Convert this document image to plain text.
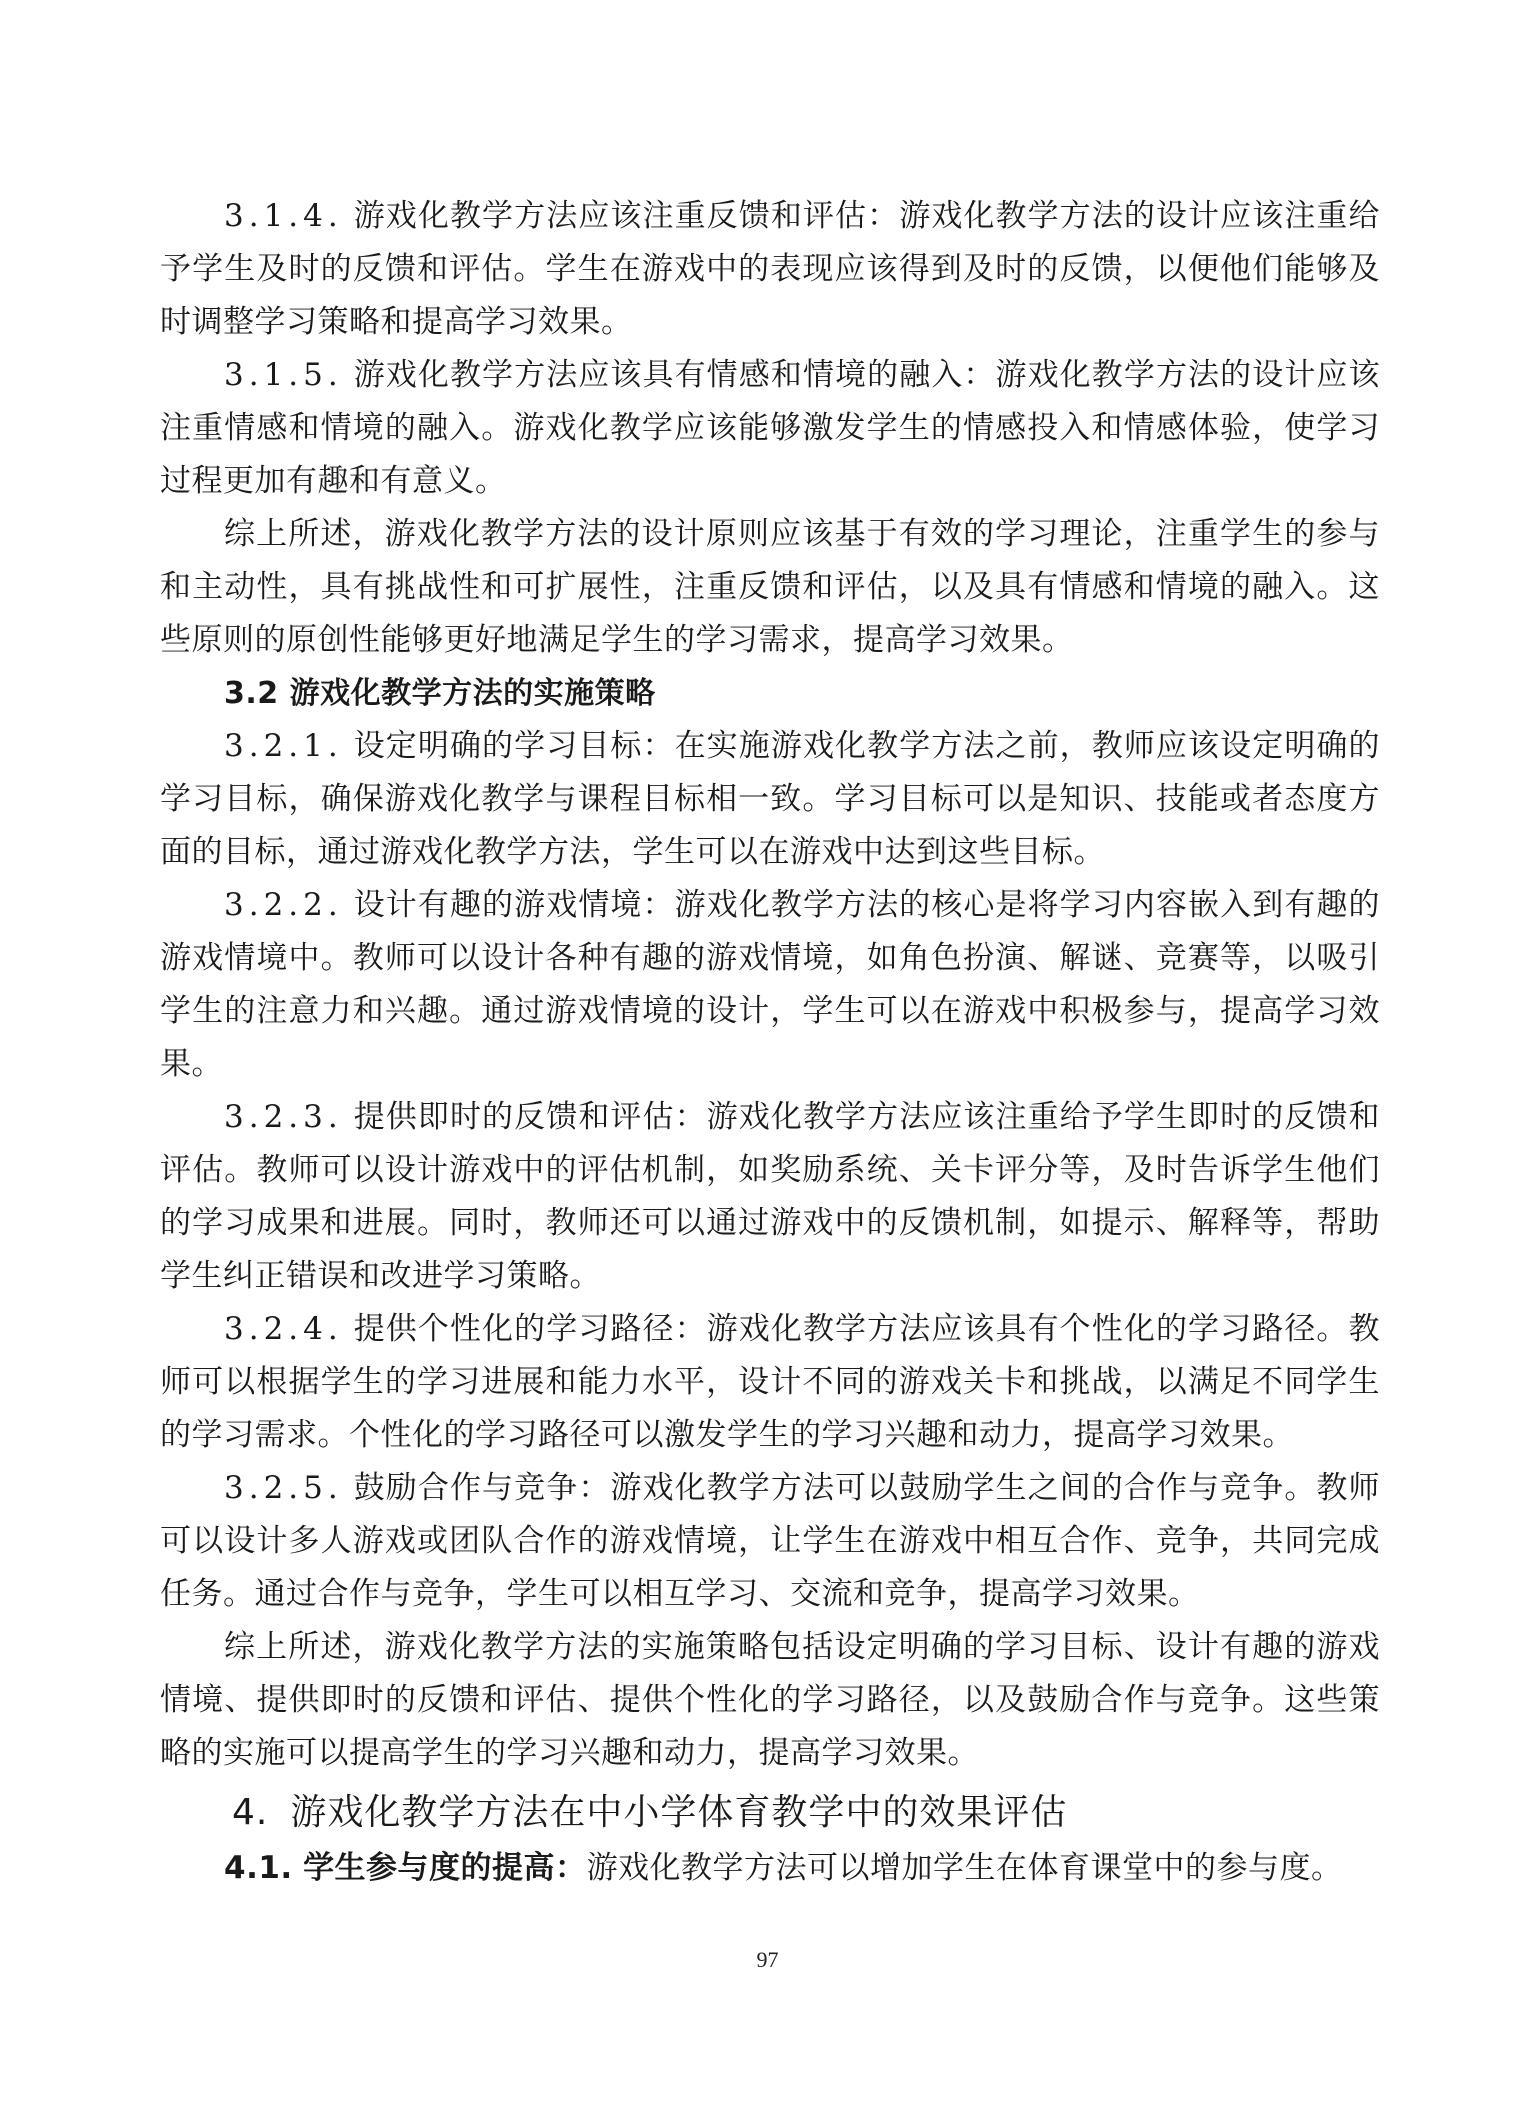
3.1.4. 游戏化教学方法应该注重反馈和评估：游戏化教学方法的设计应该注重给予学生及时的反馈和评估。学生在游戏中的表现应该得到及时的反馈，以便他们能够及时调整学习策略和提高学习效果。

3.1.5. 游戏化教学方法应该具有情感和情境的融入：游戏化教学方法的设计应该注重情感和情境的融入。游戏化教学应该能够激发学生的情感投入和情感体验，使学习过程更加有趣和有意义。

综上所述，游戏化教学方法的设计原则应该基于有效的学习理论，注重学生的参与和主动性，具有挑战性和可扩展性，注重反馈和评估，以及具有情感和情境的融入。这些原则的原创性能够更好地满足学生的学习需求，提高学习效果。

3.2 游戏化教学方法的实施策略

3.2.1. 设定明确的学习目标：在实施游戏化教学方法之前，教师应该设定明确的学习目标，确保游戏化教学与课程目标相一致。学习目标可以是知识、技能或者态度方面的目标，通过游戏化教学方法，学生可以在游戏中达到这些目标。

3.2.2. 设计有趣的游戏情境：游戏化教学方法的核心是将学习内容嵌入到有趣的游戏情境中。教师可以设计各种有趣的游戏情境，如角色扮演、解谜、竞赛等，以吸引学生的注意力和兴趣。通过游戏情境的设计，学生可以在游戏中积极参与，提高学习效果。

3.2.3. 提供即时的反馈和评估：游戏化教学方法应该注重给予学生即时的反馈和评估。教师可以设计游戏中的评估机制，如奖励系统、关卡评分等，及时告诉学生他们的学习成果和进展。同时，教师还可以通过游戏中的反馈机制，如提示、解释等，帮助学生纠正错误和改进学习策略。

3.2.4. 提供个性化的学习路径：游戏化教学方法应该具有个性化的学习路径。教师可以根据学生的学习进展和能力水平，设计不同的游戏关卡和挑战，以满足不同学生的学习需求。个性化的学习路径可以激发学生的学习兴趣和动力，提高学习效果。

3.2.5. 鼓励合作与竞争：游戏化教学方法可以鼓励学生之间的合作与竞争。教师可以设计多人游戏或团队合作的游戏情境，让学生在游戏中相互合作、竞争，共同完成任务。通过合作与竞争，学生可以相互学习、交流和竞争，提高学习效果。

综上所述，游戏化教学方法的实施策略包括设定明确的学习目标、设计有趣的游戏情境、提供即时的反馈和评估、提供个性化的学习路径，以及鼓励合作与竞争。这些策略的实施可以提高学生的学习兴趣和动力，提高学习效果。

4. 游戏化教学方法在中小学体育教学中的效果评估

4.1. 学生参与度的提高：游戏化教学方法可以增加学生在体育课堂中的参与度。

97
